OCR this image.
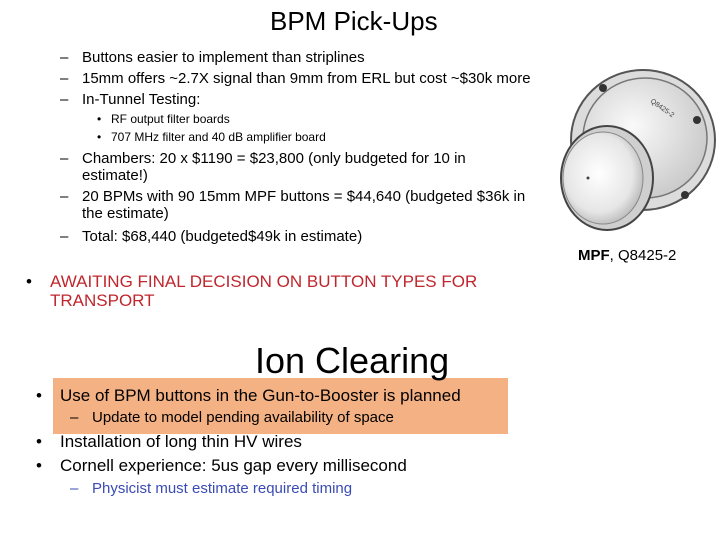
BPM Pick-Ups
– Buttons easier to implement than striplines
– 15mm offers ~2.7X signal than 9mm from ERL but cost ~$30k more
– In-Tunnel Testing:
• RF output filter boards
• 707 MHz filter and 40 dB amplifier board
– Chambers: 20 x $1190 = $23,800 (only budgeted for 10 in
estimate!)
– 20 BPMs with 90 15mm MPF buttons = $44,640 (budgeted $36k in
the estimate)
– Total: $68,440 (budgeted$49k in estimate)
Q8425-2
MPF, Q8425-2
• AWAITING FINAL DECISION ON BUTTON TYPES FOR
TRANSPORT
Ion Clearing
• Use of BPM buttons in the Gun-to-Booster is planned
– Update to model pending availability of space
• Installation of long thin HV wires
• Cornell experience: 5us gap every millisecond
– Physicist must estimate required timing
